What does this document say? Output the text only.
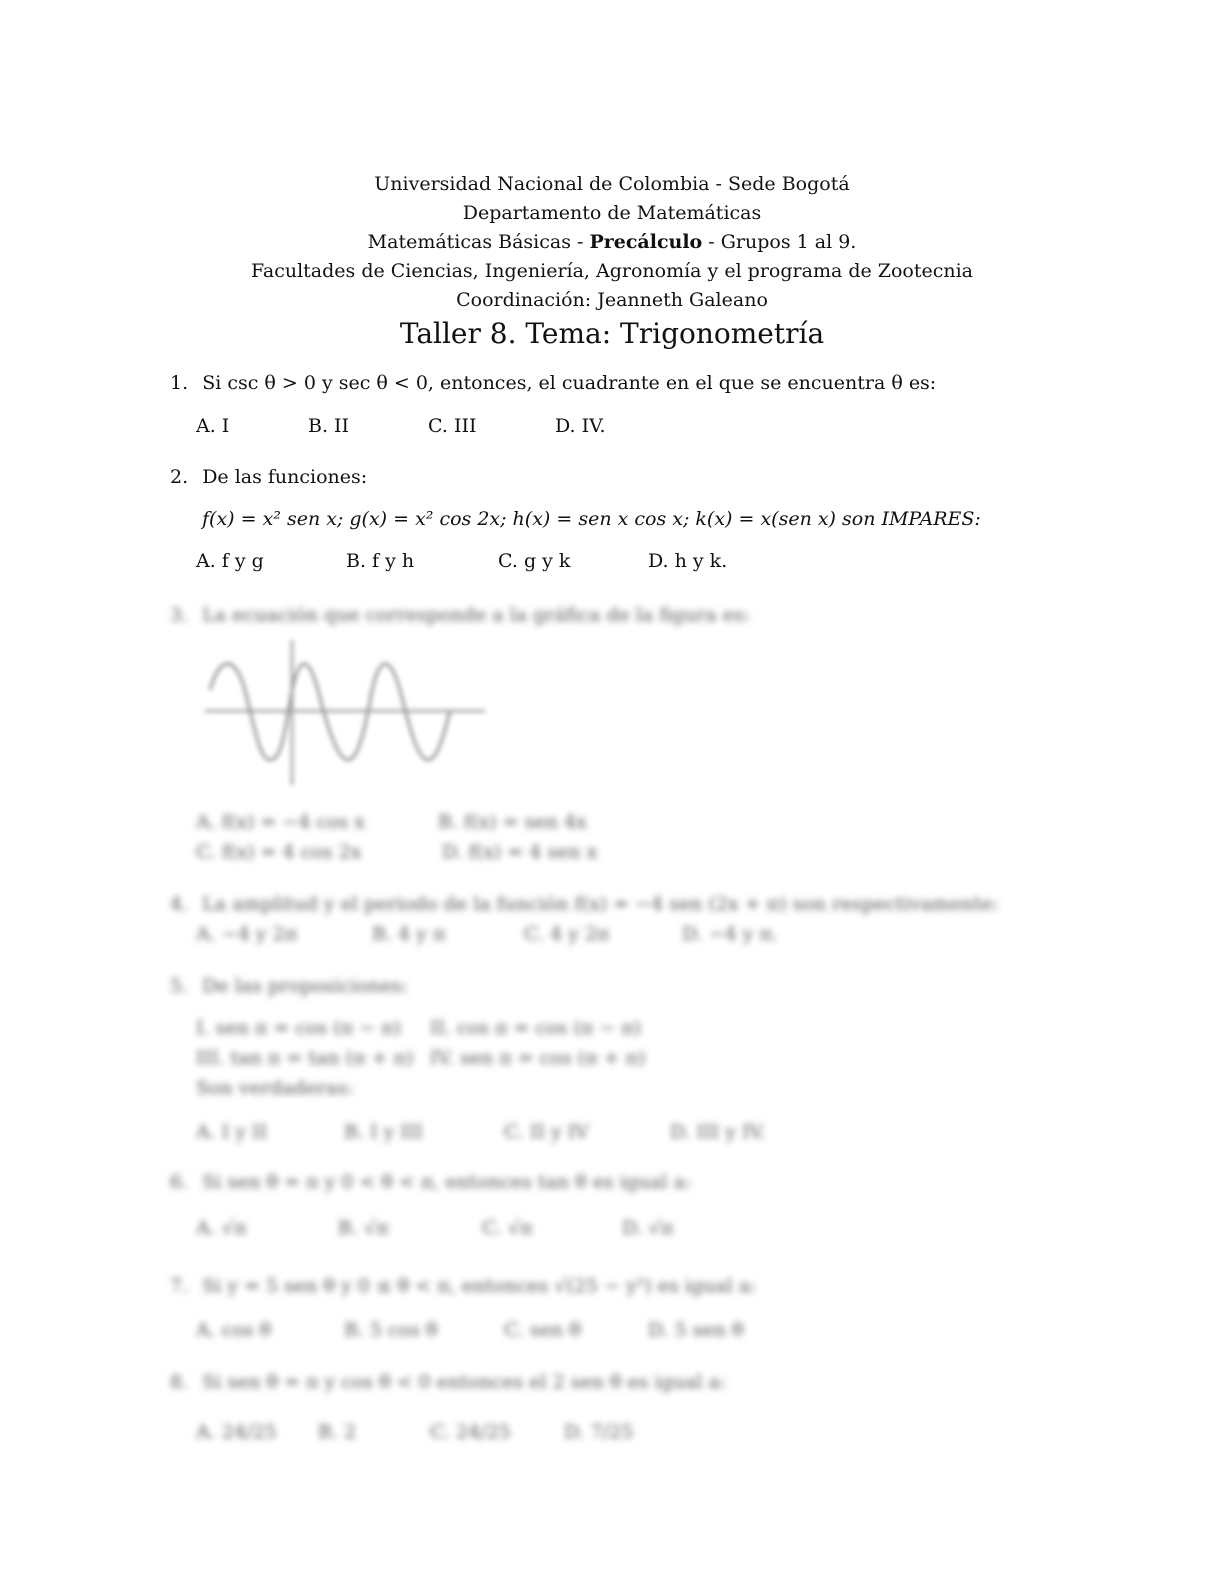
Universidad Nacional de Colombia - Sede Bogotá
Departamento de Matemáticas
Matemáticas Básicas - Precálculo - Grupos 1 al 9.
Facultades de Ciencias, Ingeniería, Agronomía y el programa de Zootecnia
Coordinación: Jeanneth Galeano
Taller 8. Tema: Trigonometría
1. Si csc θ > 0 y sec θ < 0, entonces, el cuadrante en el que se encuentra θ es:
A. I	B. II	C. III	D. IV.
2. De las funciones:
f(x) = x² sen x; g(x) = x² cos 2x; h(x) = sen x cos x; k(x) = x(sen x) son IMPARES:
A. f y g	B. f y h	C. g y k	D. h y k.
3. La ecuación que corresponde a la gráfica de la figura es:
A. f(x) = −4 cos x	B. f(x) = sen 4x
C. f(x) = 4 cos 2x	D. f(x) = 4 sen x
4. La amplitud y el periodo de la función f(x) = −4 sen (2x + π) son respectivamente:
A. −4 y 2π	B. 4 y π	C. 4 y 2π	D. −4 y π.
5. De las proposiciones:
I. sen π = cos (π − π) II. cos π = cos (π − π)
III. tan π = tan (π + π) IV. sen π = cos (π + π)
Son verdaderas:
A. I y II	B. I y III	C. II y IV	D. III y IV.
6. Si sen θ = π y 0 < θ < π, entonces tan θ es igual a:
A. √π	B. √π	C. √π	D. √π
7. Si y = 5 sen θ y 0 ≤ θ < π, entonces √(25 − y²) es igual a:
A. cos θ	B. 5 cos θ	C. sen θ	D. 5 sen θ
8. Si sen θ = π y cos θ < 0 entonces el 2 sen θ es igual a:
A. 24/25 B. 2	C. 24/25	D. 7/25
